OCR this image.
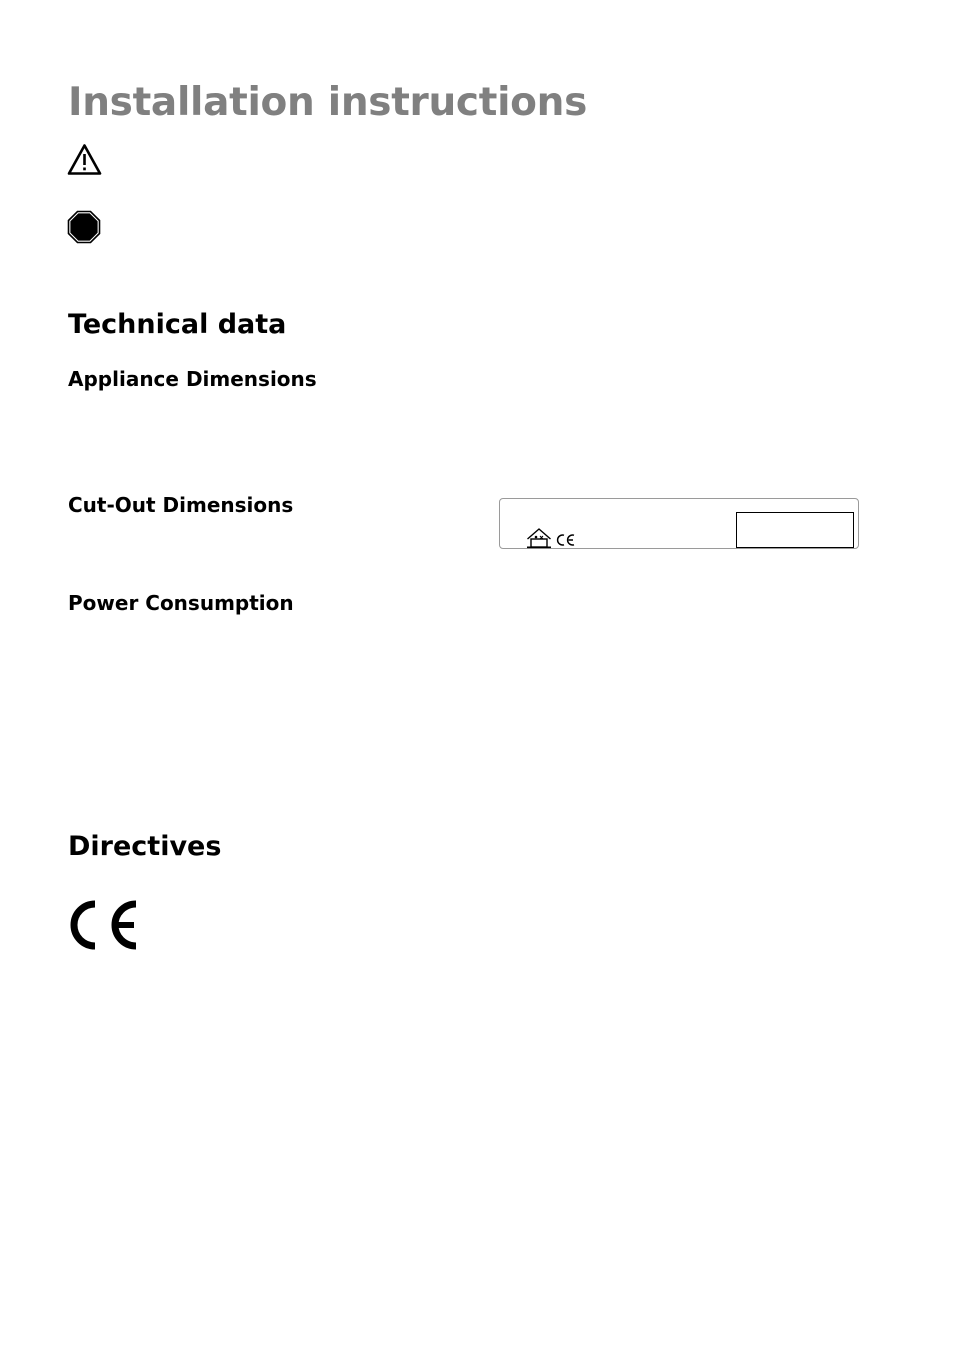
Installation instructions
Technical data
Appliance Dimensions
Cut-Out Dimensions
Power Consumption
Directives
